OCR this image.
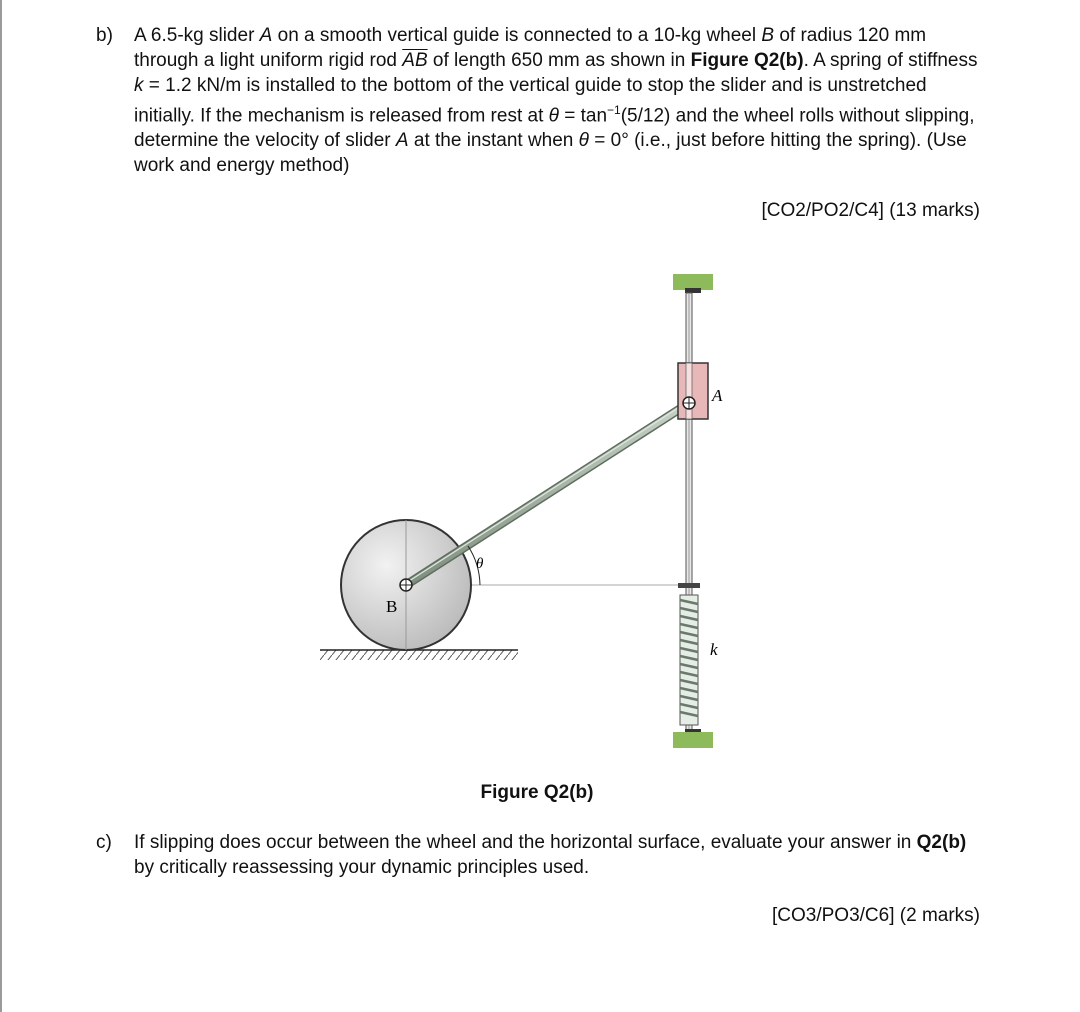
b) A 6.5-kg slider A on a smooth vertical guide is connected to a 10-kg wheel B of radius 120 mm through a light uniform rigid rod $\overline{AB}$ of length 650 mm as shown in Figure Q2(b). A spring of stiffness k = 1.2 kN/m is installed to the bottom of the vertical guide to stop the slider and is unstretched initially. If the mechanism is released from rest at $\theta = \tan^{-1}(5/12)$ and the wheel rolls without slipping, determine the velocity of slider A at the instant when θ = 0° (i.e., just before hitting the spring). (Use work and energy method)
[CO2/PO2/C4] (13 marks)
A
B
θ
k
Figure Q2(b)
c) If slipping does occur between the wheel and the horizontal surface, evaluate your answer in Q2(b) by critically reassessing your dynamic principles used.
[CO3/PO3/C6] (2 marks)
